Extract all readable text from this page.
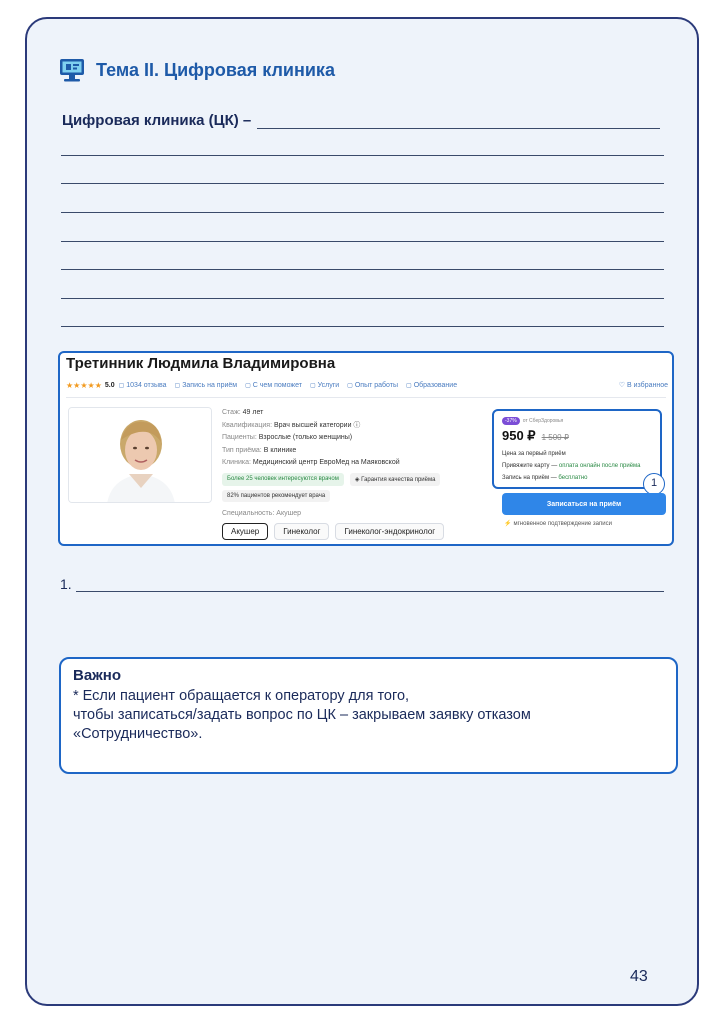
Тема II. Цифровая клиника
Цифровая клиника (ЦК) –
Третинник Людмила Владимировна
★★★★★ 5.0	▢ 1034 отзыва	▢ Запись на приём	▢ С чем поможет	▢ Услуги	▢ Опыт работы	▢ Образование	♡ В избранное
Стаж: 49 лет
Квалификация: Врач высшей категории ⓘ
Пациенты: Взрослые (только женщины)
Тип приёма: В клинике
Клиника: Медицинский центр ЕвроМед на Маяковской
Более 25 человек интересуются врачом	◈ Гарантия качества приёма
82% пациентов рекомендует врача
Специальность: Акушер
Акушер	Гинеколог	Гинеколог-эндокринолог
-37%	от СберЗдоровья
950 ₽ 1 500 ₽
Цена за первый приём
Привяжите карту — оплата онлайн после приёма
Запись на приём — бесплатно	1
Записаться на приём
⚡ мгновенное подтверждение записи
1.
Важно
* Если пациент обращается к оператору для того,
чтобы записаться/задать вопрос по ЦК – закрываем заявку отказом
«Сотрудничество».
43
